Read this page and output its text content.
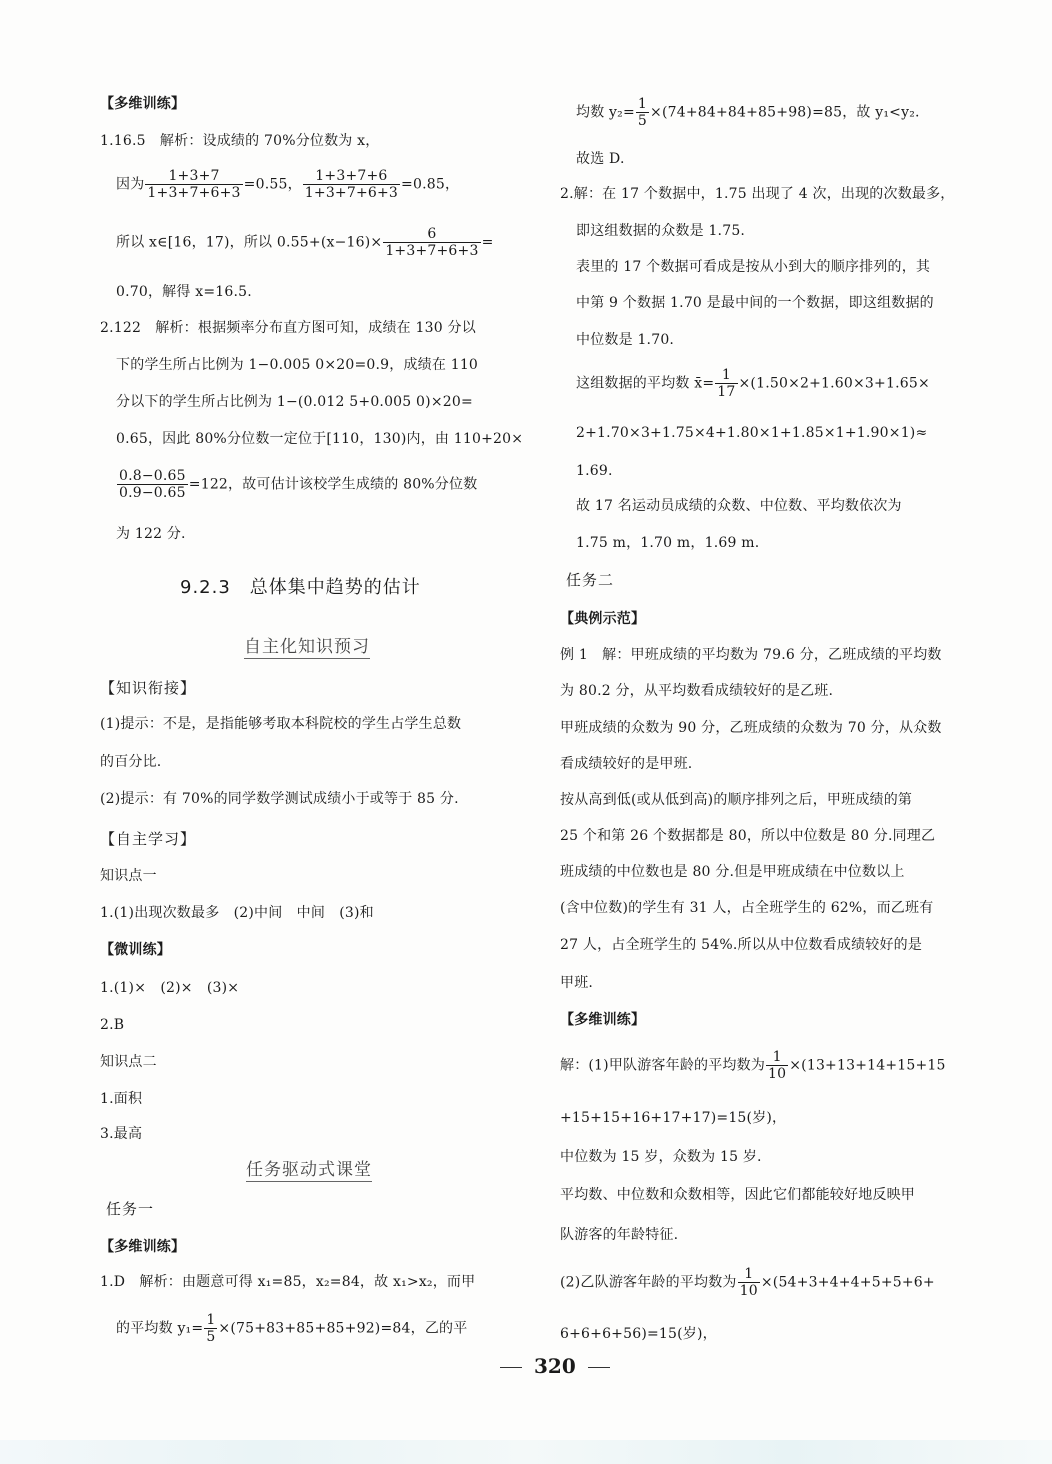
【多维训练】
1.16.5　解析：设成绩的 70%分位数为 x，
因为 $\frac{1+3+7}{1+3+7+6+3} =0.55$， $\frac{1+3+7+6}{1+3+7+6+3} =0.85$，
所以 x∈[16，17)，所以 $0.55+(x-16)\times \frac{6}{1+3+7+6+3}$ =
0.70，解得 x=16.5.
2.122　解析：根据频率分布直方图可知，成绩在 130 分以
下的学生所占比例为 1−0.005 0×20=0.9，成绩在 110
分以下的学生所占比例为 1−(0.012 5+0.005 0)×20=
0.65，因此 80%分位数一定位于[110，130)内，由 110+20×
$\frac{0.8-0.65}{0.9-0.65} =122$，故可估计该校学生成绩的 80%分位数
为 122 分.
9.2.3　总体集中趋势的估计
自主化知识预习
【知识衔接】
(1)提示：不是，是指能够考取本科院校的学生占学生总数
的百分比.
(2)提示：有 70%的同学数学测试成绩小于或等于 85 分.
【自主学习】
知识点一
1.(1)出现次数最多　(2)中间　中间　(3)和
【微训练】
1.(1)×　(2)×　(3)×
2.B
知识点二
1.面积
3.最高
任务驱动式课堂
任务一
【多维训练】
1.D　解析：由题意可得 x₁=85，x₂=84，故 x₁>x₂，而甲
的平均数 $y_1= \frac{1}{5} \times(75+83+85+85+92)=84$，乙的平
均数 $y_2= \frac{1}{5} \times(74+84+84+85+98)=85$，故 y₁<y₂.
故选 D.
2.解：在 17 个数据中，1.75 出现了 4 次，出现的次数最多，
即这组数据的众数是 1.75.
表里的 17 个数据可看成是按从小到大的顺序排列的，其
中第 9 个数据 1.70 是最中间的一个数据，即这组数据的
中位数是 1.70.
这组数据的平均数 x̄= $\frac{1}{17} \times(1.50\times 2+1.60\times 3+1.65\times$
2+1.70×3+1.75×4+1.80×1+1.85×1+1.90×1)≈
1.69.
故 17 名运动员成绩的众数、中位数、平均数依次为
1.75 m，1.70 m，1.69 m.
任务二
【典例示范】
例 1　解：甲班成绩的平均数为 79.6 分，乙班成绩的平均数
为 80.2 分，从平均数看成绩较好的是乙班.
甲班成绩的众数为 90 分，乙班成绩的众数为 70 分，从众数
看成绩较好的是甲班.
按从高到低(或从低到高)的顺序排列之后，甲班成绩的第
25 个和第 26 个数据都是 80，所以中位数是 80 分.同理乙
班成绩的中位数也是 80 分.但是甲班成绩在中位数以上
(含中位数)的学生有 31 人，占全班学生的 62%，而乙班有
27 人，占全班学生的 54%.所以从中位数看成绩较好的是
甲班.
【多维训练】
解：(1)甲队游客年龄的平均数为 $\frac{1}{10} \times(13+13+14+15+15$
+15+15+16+17+17)=15(岁)，
中位数为 15 岁，众数为 15 岁.
平均数、中位数和众数相等，因此它们都能较好地反映甲
队游客的年龄特征.
(2)乙队游客年龄的平均数为 $\frac{1}{10} \times(54+3+4+4+5+5+6+$
6+6+6+56)=15(岁)，
320
